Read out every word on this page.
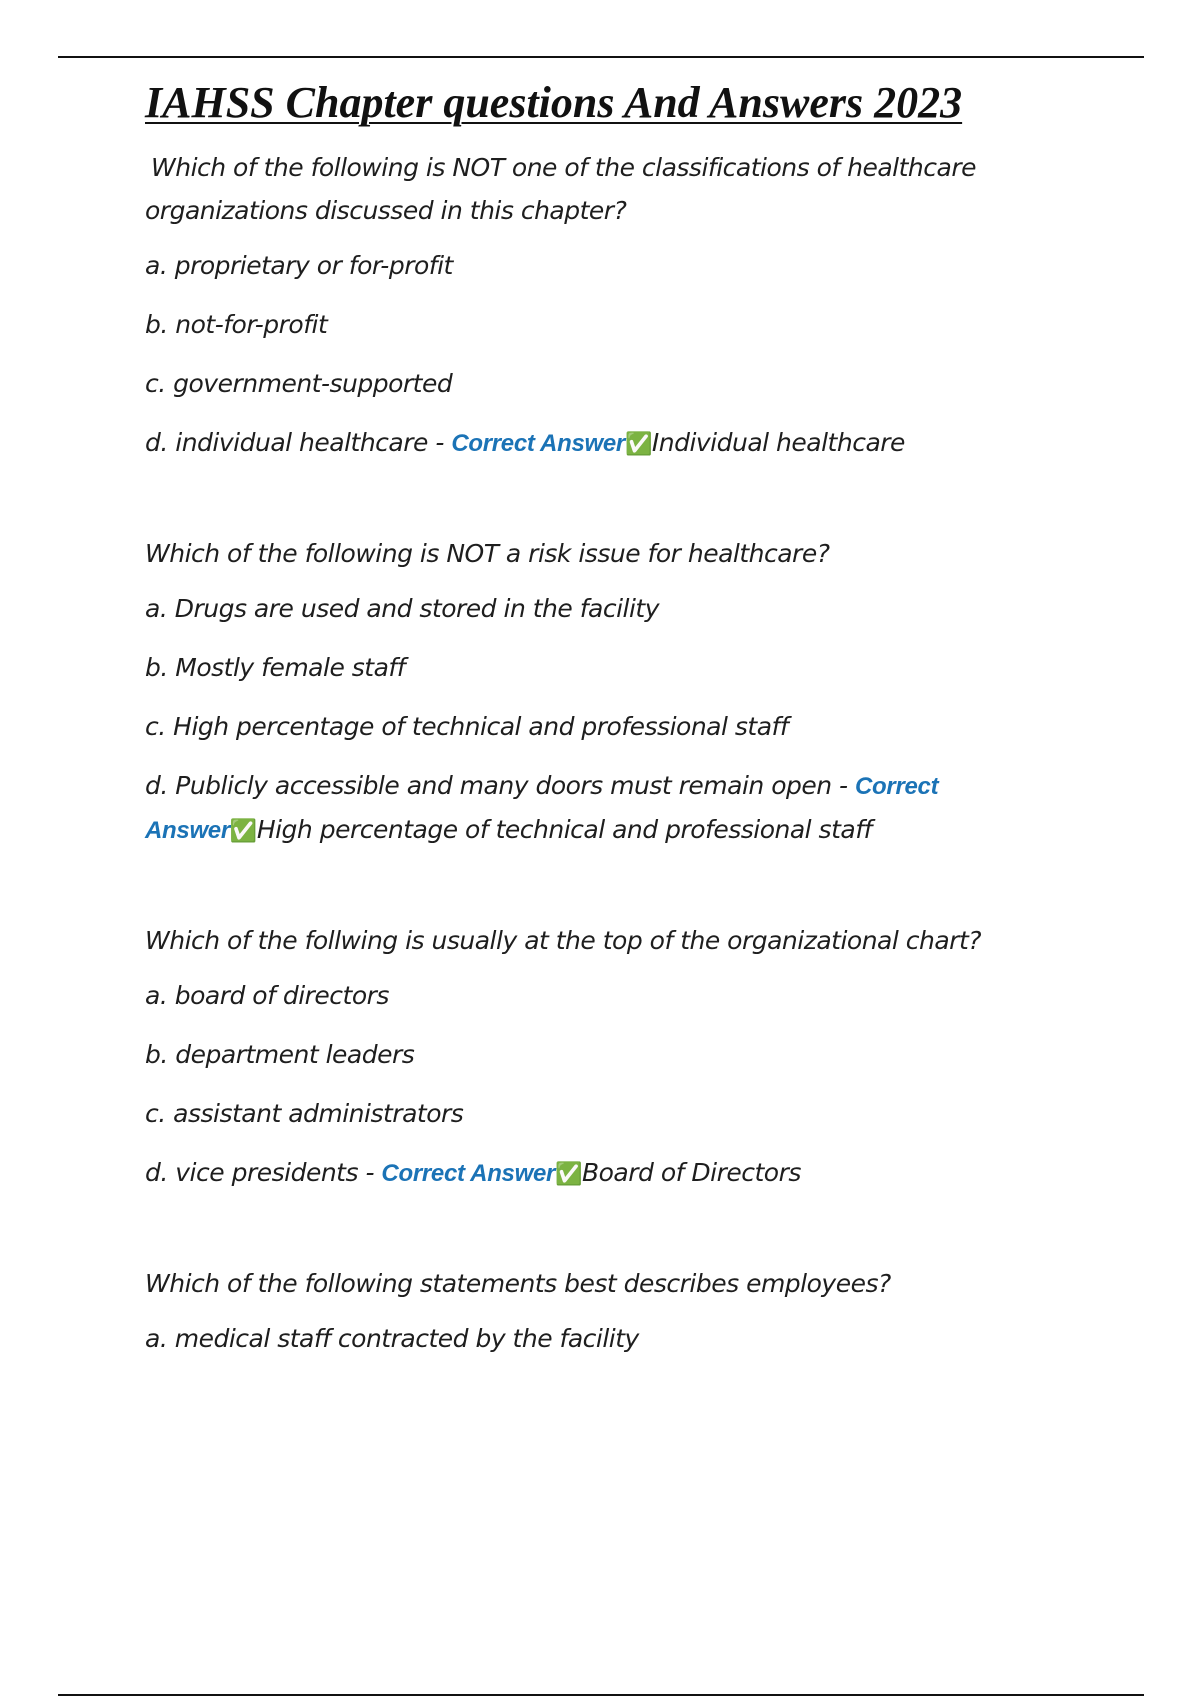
IAHSS Chapter questions And Answers 2023

Which of the following is NOT one of the classifications of healthcare organizations discussed in this chapter?

a. proprietary or for-profit

b. not-for-profit

c. government-supported

d. individual healthcare - Correct Answer✅Individual healthcare

Which of the following is NOT a risk issue for healthcare?

a. Drugs are used and stored in the facility

b. Mostly female staff

c. High percentage of technical and professional staff

d. Publicly accessible and many doors must remain open - Correct Answer✅High percentage of technical and professional staff

Which of the follwing is usually at the top of the organizational chart?

a. board of directors

b. department leaders

c. assistant administrators

d. vice presidents - Correct Answer✅Board of Directors

Which of the following statements best describes employees?

a. medical staff contracted by the facility
